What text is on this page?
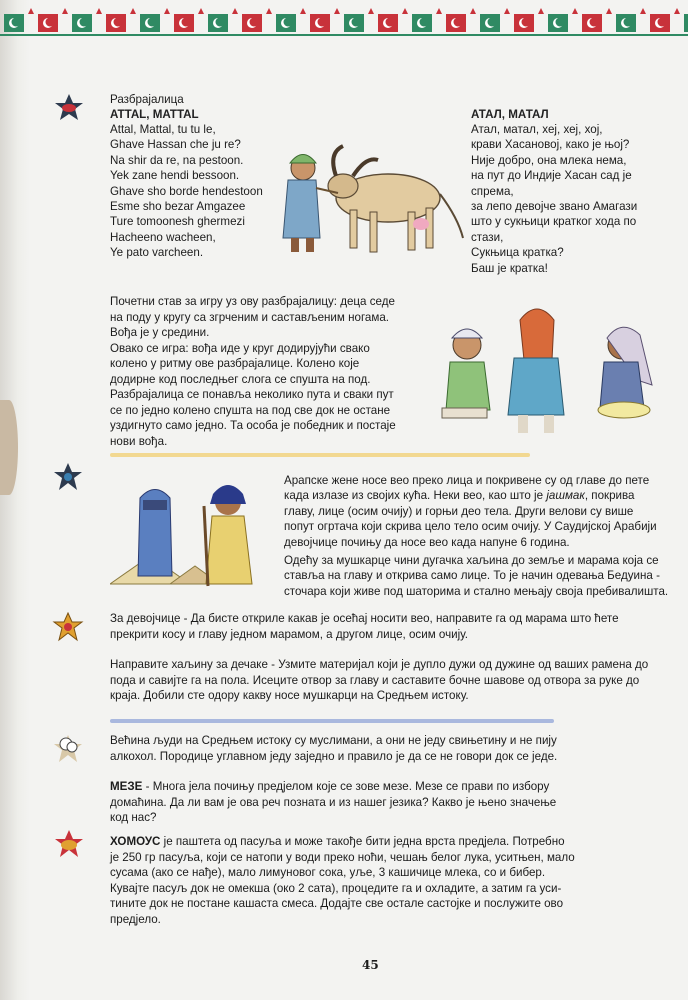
Разбрајалица

ATTAL, MATTAL

Attal, Mattal, tu tu le,

Ghave Hassan che ju re?

Na shir da re, na pestoon.

Yek zane hendi bessoon.

Ghave sho borde hendestoon

Esme sho bezar Amgazee

Ture tomoonesh ghermezi

Hacheeno wacheen,

Ye pato varcheen.

АТАЛ, МАТАЛ

Атал, матал, хеј, хеј, хој,

крави Хасановој, како је њој?

Није добро, она млека нема,

на пут до Индије Хасан сад је

спрема,

за лепо девојче звано Амагази

што у сукњици кратког хода по

стази,

Сукњица кратка?

Баш је кратка!

Почетни став за игру уз ову разбрајалицу: деца седе

на поду у кругу са згрченим и састављеним ногама.

Вођа је у средини.

Овако се игра: вођа иде у круг додирујући свако

колено у ритму ове разбрајалице. Колено које

додирне код последњег слога се спушта на под.

Разбрајалица се понавља неколико пута и сваки пут

се по једно колено спушта на под све док не остане

уздигнуто само једно. Та особа је победник и постаје

нови вођа.

Арапске жене носе вео преко лица и покривене су од главе до пете

када излазе из својих кућа. Неки вео, као што је јашмак, покрива

главу, лице (осим очију) и горњи део тела. Други велови су више

попут огртача који скрива цело тело осим очију. У Саудијској Арабији

девојчице почињу да носе вео када напуне 6 година.

Одећу за мушкарце чини дугачка хаљина до земље и марама која се

ставља на главу и открива само лице. То је начин одевања Бедуина -

сточара који живе под шаторима и стално мењају своја пребивалишта.

За девојчице - Да бисте откриле какав је осећај носити вео, направите га од марама што ћете

прекрити косу и главу једном марамом, а другом лице, осим очију.

Направите хаљину за дечаке - Узмите материјал који је дупло дужи од дужине од ваших рамена до

пода и савијте га на пола. Исеците отвор за главу и саставите бочне шавове од отвора за руке до

краја. Добили сте одору какву носе мушкарци на Средњем истоку.

Већина људи на Средњем истоку су муслимани, а они не једу свињетину и не пију

алкохол. Породице углавном једу заједно и правило је да се не говори док се једе.

МЕЗЕ - Многа јела почињу предјелом које се зове мезе. Мезе се прави по избору

домаћина. Да ли вам је ова реч позната и из нашег језика? Какво је њено значење

код нас?

ХОМОУС је паштета од пасуља и може такође бити једна врста предјела. Потребно

је 250 гр пасуља, који се натопи у води преко ноћи, чешањ белог лука, уситњен, мало

сусама (ако се нађе), мало лимуновог сока, уље, 3 кашичице млека, со и бибер.

Кувајте пасуљ док не омекша (око 2 сата), процедите га и охладите, а затим га уси-

тините док не постане кашаста смеса. Додајте све остале састојке и послужите ово

предјело.

45
